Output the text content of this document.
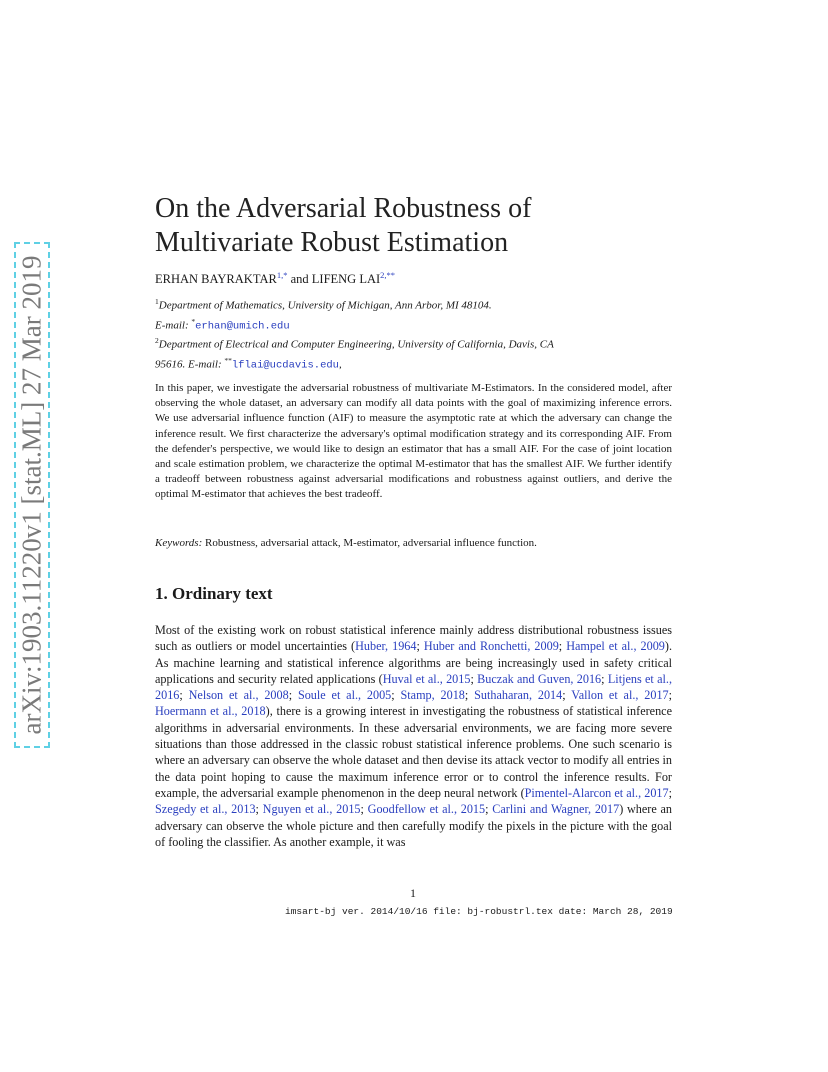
arXiv:1903.11220v1 [stat.ML] 27 Mar 2019
On the Adversarial Robustness of
Multivariate Robust Estimation
ERHAN $BAYRAKTAR^{1,*}$ and LIFENG $LAI^{2,**}$
$^1$Department of Mathematics, University of Michigan, Ann Arbor, MI 48104.
E-mail: *erhan@umich.edu
$^2$Department of Electrical and Computer Engineering, University of California, Davis, CA
95616. E-mail: **lflai@ucdavis.edu,
In this paper, we investigate the adversarial robustness of multivariate M-Estimators. In the considered model, after observing the whole dataset, an adversary can modify all data points with the goal of maximizing inference errors. We use adversarial influence function (AIF) to measure the asymptotic rate at which the adversary can change the inference result. We first characterize the adversary's optimal modification strategy and its corresponding AIF. From the defender's perspective, we would like to design an estimator that has a small AIF. For the case of joint location and scale estimation problem, we characterize the optimal M-estimator that has the smallest AIF. We further identify a tradeoff between robustness against adversarial modifications and robustness against outliers, and derive the optimal M-estimator that achieves the best tradeoff.
Keywords: Robustness, adversarial attack, M-estimator, adversarial influence function.
1. Ordinary text
Most of the existing work on robust statistical inference mainly address distributional robustness issues such as outliers or model uncertainties (Huber, 1964; Huber and Ronchetti, 2009; Hampel et al., 2009). As machine learning and statistical inference algorithms are being increasingly used in safety critical applications and security related applications (Huval et al., 2015; Buczak and Guven, 2016; Litjens et al., 2016; Nelson et al., 2008; Soule et al., 2005; Stamp, 2018; Suthaharan, 2014; Vallon et al., 2017; Hoermann et al., 2018), there is a growing interest in investigating the robustness of statistical inference algorithms in adversarial environments. In these adversarial environments, we are facing more severe situations than those addressed in the classic robust statistical inference problems. One such scenario is where an adversary can observe the whole dataset and then devise its attack vector to modify all entries in the data point hoping to cause the maximum inference error or to control the inference results. For example, the adversarial example phenomenon in the deep neural network (Pimentel-Alarcon et al., 2017; Szegedy et al., 2013; Nguyen et al., 2015; Goodfellow et al., 2015; Carlini and Wagner, 2017) where an adversary can observe the whole picture and then carefully modify the pixels in the picture with the goal of fooling the classifier. As another example, it was
1
imsart-bj ver. 2014/10/16 file: bj-robustrl.tex date: March 28, 2019
